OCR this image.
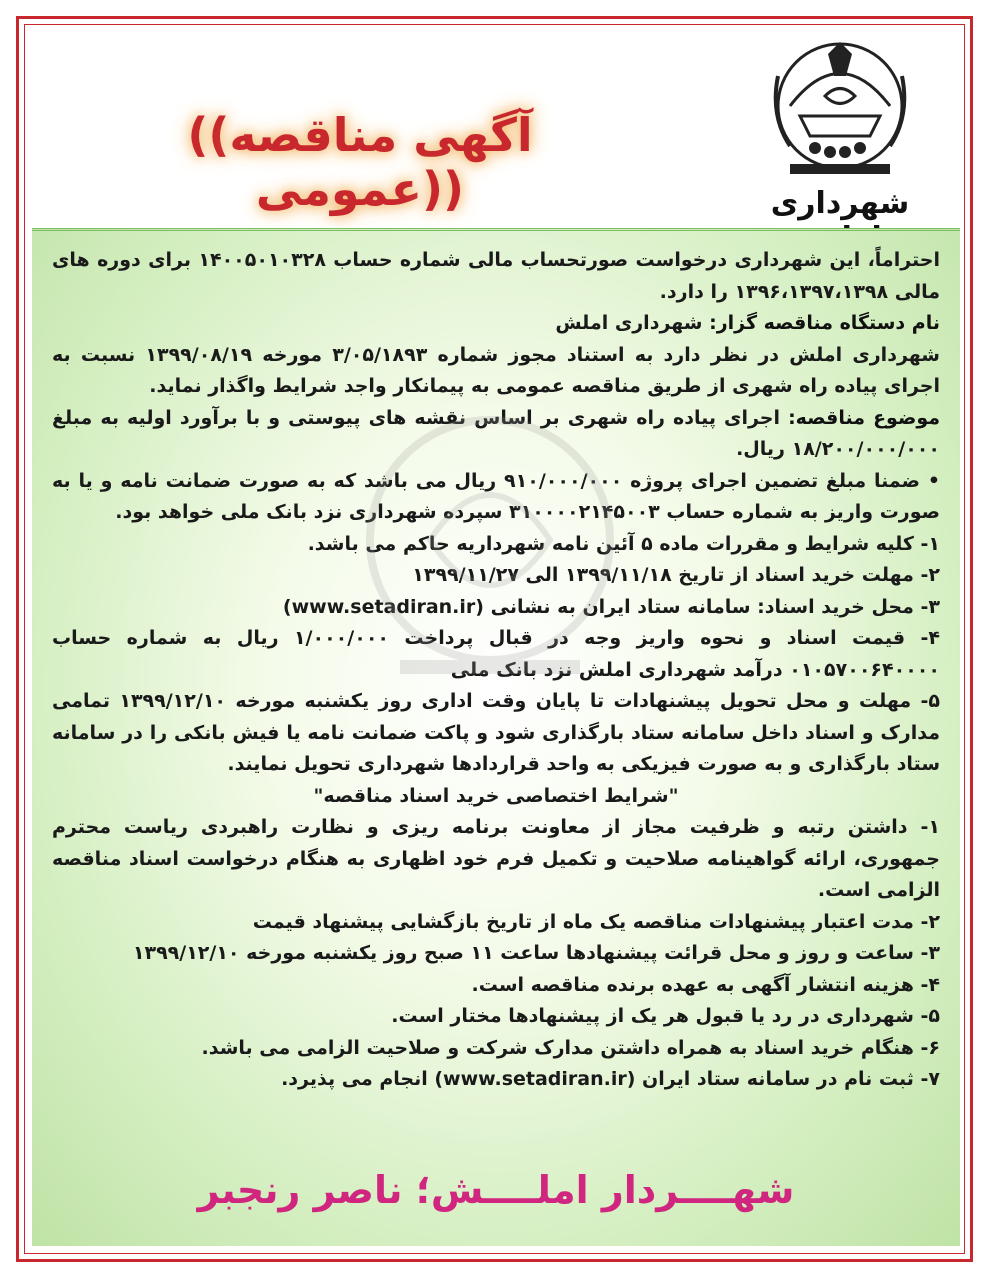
((آگهی مناقصه عمومی))	شهرداری

احتراماً، این شهرداری درخواست صورتحساب مالی شماره حساب ۱۴۰۰۵۰۱۰۳۲۸ برای دوره های مالی ۱۳۹۶،۱۳۹۷،۱۳۹۸ را دارد.

نام دستگاه مناقصه گزار: شهرداری املش

شهرداری املش در نظر دارد به استناد مجوز شماره ۳/۰۵/۱۸۹۳ مورخه ۱۳۹۹/۰۸/۱۹ نسبت به اجرای پیاده راه شهری از طریق مناقصه عمومی به پیمانکار واجد شرایط واگذار نماید.

موضوع مناقصه: اجرای پیاده راه شهری بر اساس نقشه های پیوستی و با برآورد اولیه به مبلغ ۱۸/۲۰۰/۰۰۰/۰۰۰ ریال.

• ضمنا مبلغ تضمین اجرای پروژه ۹۱۰/۰۰۰/۰۰۰ ریال می باشد که به صورت ضمانت نامه و یا به صورت واریز به شماره حساب ۳۱۰۰۰۰۲۱۴۵۰۰۳ سپرده شهرداری نزد بانک ملی خواهد بود.

۱- کلیه شرایط و مقررات ماده ۵ آئین نامه شهرداریه حاکم می باشد.

۲- مهلت خرید اسناد از تاریخ ۱۳۹۹/۱۱/۱۸ الی ۱۳۹۹/۱۱/۲۷

۳- محل خرید اسناد: سامانه ستاد ایران به نشانی (www.setadiran.ir)

۴- قیمت اسناد و نحوه واریز وجه در قبال پرداخت ۱/۰۰۰/۰۰۰ ریال به شماره حساب ۰۱۰۵۷۰۰۶۴۰۰۰۰ درآمد شهرداری املش نزد بانک ملی

۵- مهلت و محل تحویل پیشنهادات تا پایان وقت اداری روز یکشنبه مورخه ۱۳۹۹/۱۲/۱۰ تمامی مدارک و اسناد داخل سامانه ستاد بارگذاری شود و پاکت ضمانت نامه یا فیش بانکی را در سامانه ستاد بارگذاری و به صورت فیزیکی به واحد قراردادها شهرداری تحویل نمایند.

"شرایط اختصاصی خرید اسناد مناقصه"

۱- داشتن رتبه و ظرفیت مجاز از معاونت برنامه ریزی و نظارت راهبردی ریاست محترم جمهوری، ارائه گواهینامه صلاحیت و تکمیل فرم خود اظهاری به هنگام درخواست اسناد مناقصه الزامی است.

۲- مدت اعتبار پیشنهادات مناقصه یک ماه از تاریخ بازگشایی پیشنهاد قیمت

۳- ساعت و روز و محل قرائت پیشنهادها ساعت ۱۱ صبح روز یکشنبه مورخه ۱۳۹۹/۱۲/۱۰

۴- هزینه انتشار آگهی به عهده برنده مناقصه است.

۵- شهرداری در رد یا قبول هر یک از پیشنهادها مختار است.

۶- هنگام خرید اسناد به همراه داشتن مدارک شرکت و صلاحیت الزامی می باشد.

۷- ثبت نام در سامانه ستاد ایران (www.setadiran.ir) انجام می پذیرد.

شهــــردار املــــش؛ ناصر رنجبر
